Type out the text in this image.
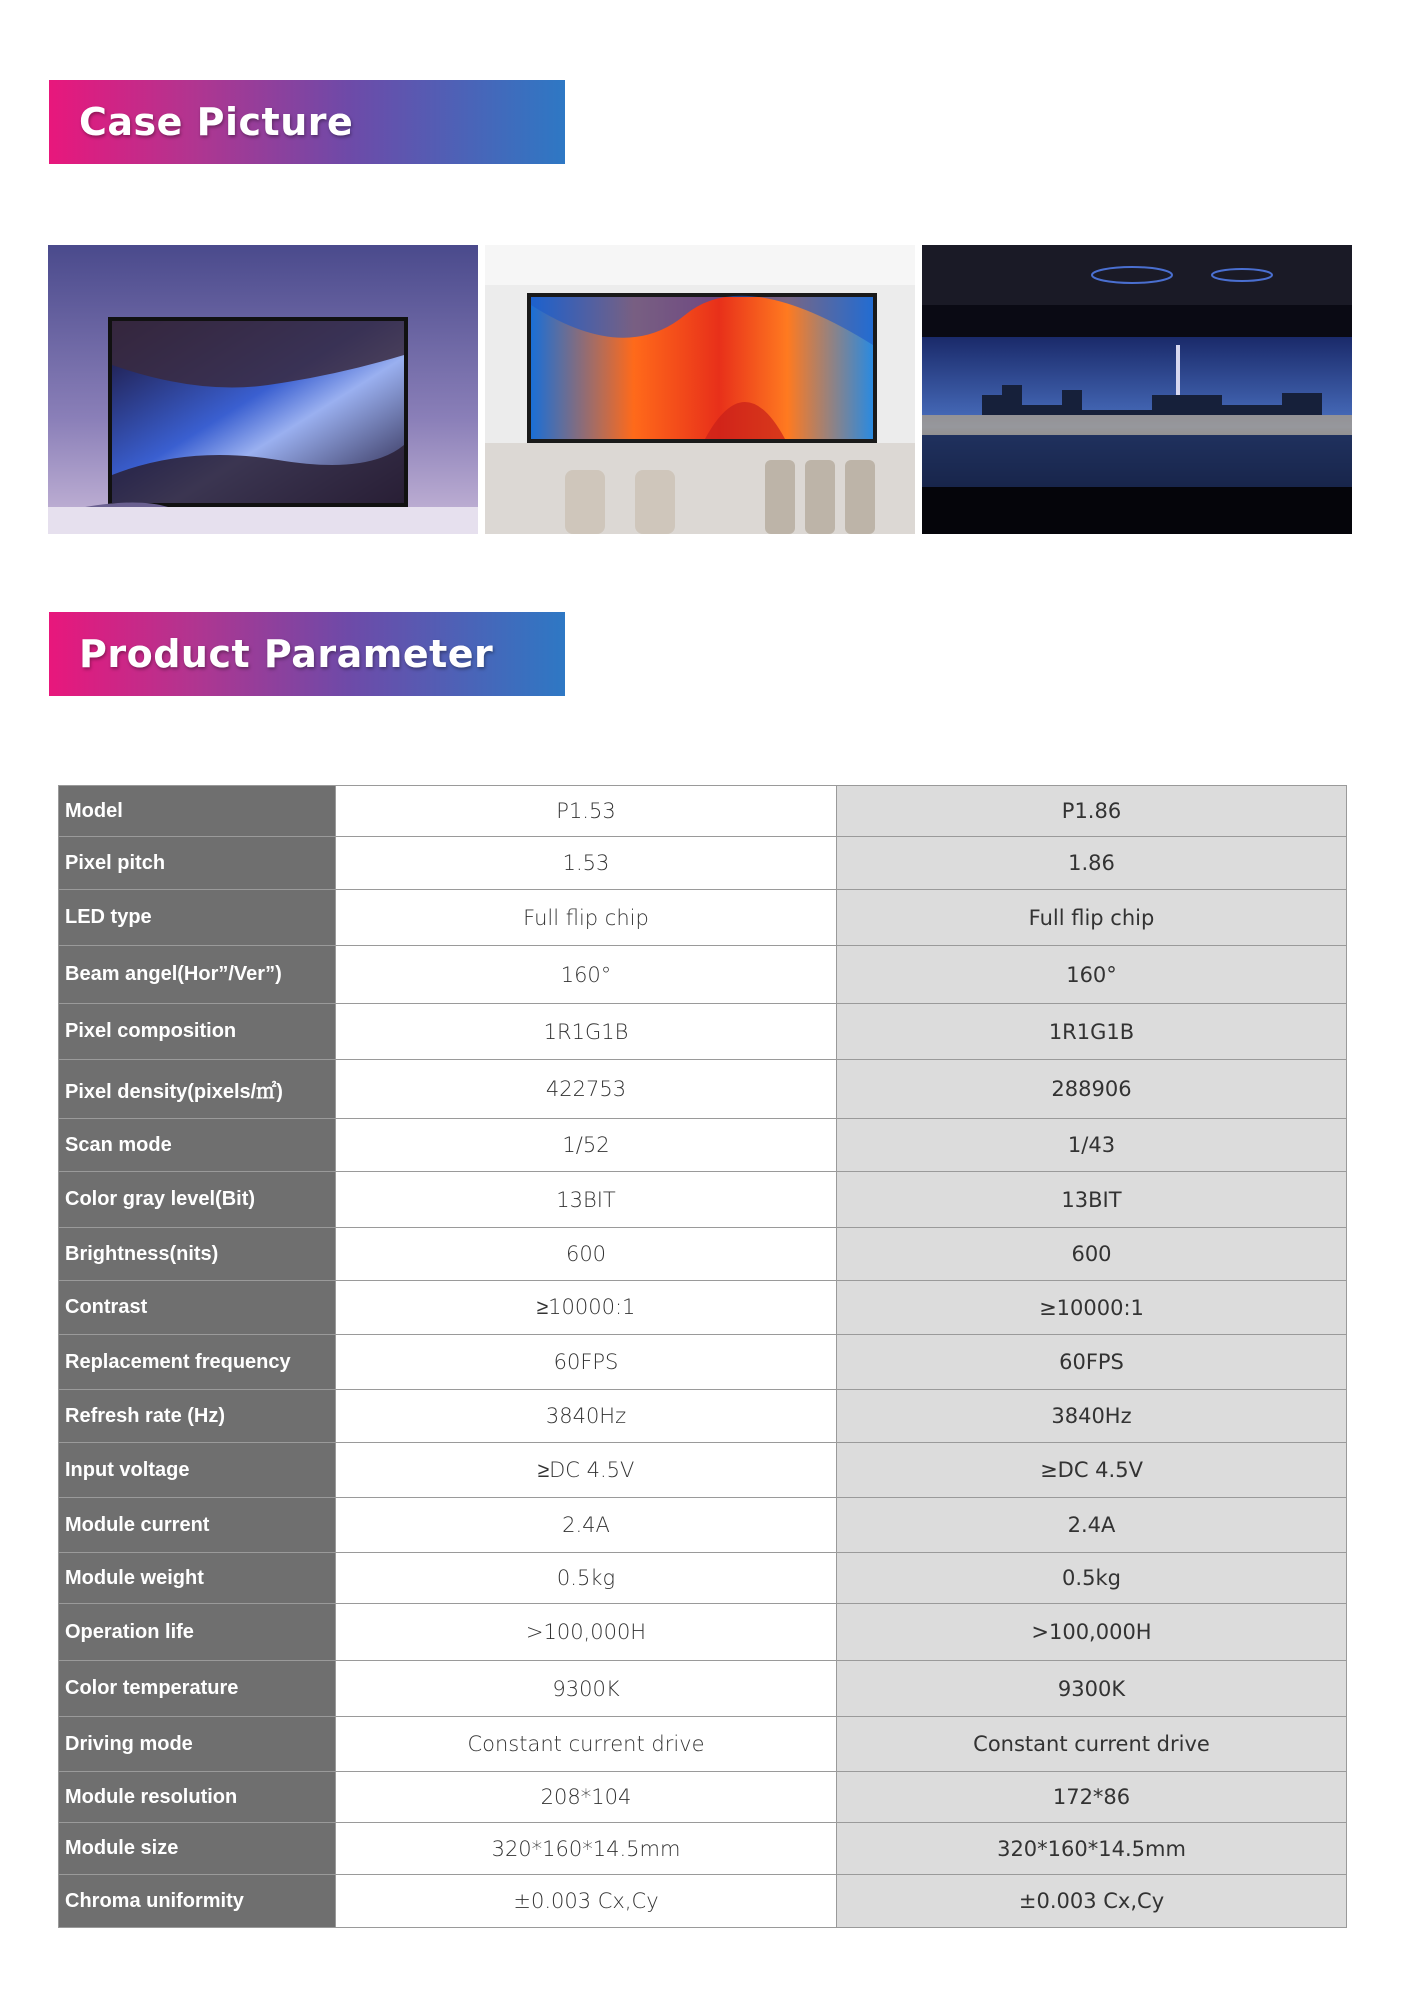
Case Picture
Product Parameter
Model	P1.53	P1.86
Pixel pitch	1.53	1.86
LED type	Full flip chip	Full flip chip
Beam angel(Hor”/Ver”)	160°	160°
Pixel composition	1R1G1B	1R1G1B
Pixel density(pixels/㎡)	422753	288906
Scan mode	1/52	1/43
Color gray level(Bit)	13BIT	13BIT
Brightness(nits)	600	600
Contrast	≥10000:1	≥10000:1
Replacement frequency	60FPS	60FPS
Refresh rate (Hz)	3840Hz	3840Hz
Input voltage	≥DC 4.5V	≥DC 4.5V
Module current	2.4A	2.4A
Module weight	0.5kg	0.5kg
Operation life	>100,000H	>100,000H
Color temperature	9300K	9300K
Driving mode	Constant current drive	Constant current drive
Module resolution	208*104	172*86
Module size	320*160*14.5mm	320*160*14.5mm
Chroma uniformity	±0.003 Cx,Cy	±0.003 Cx,Cy
